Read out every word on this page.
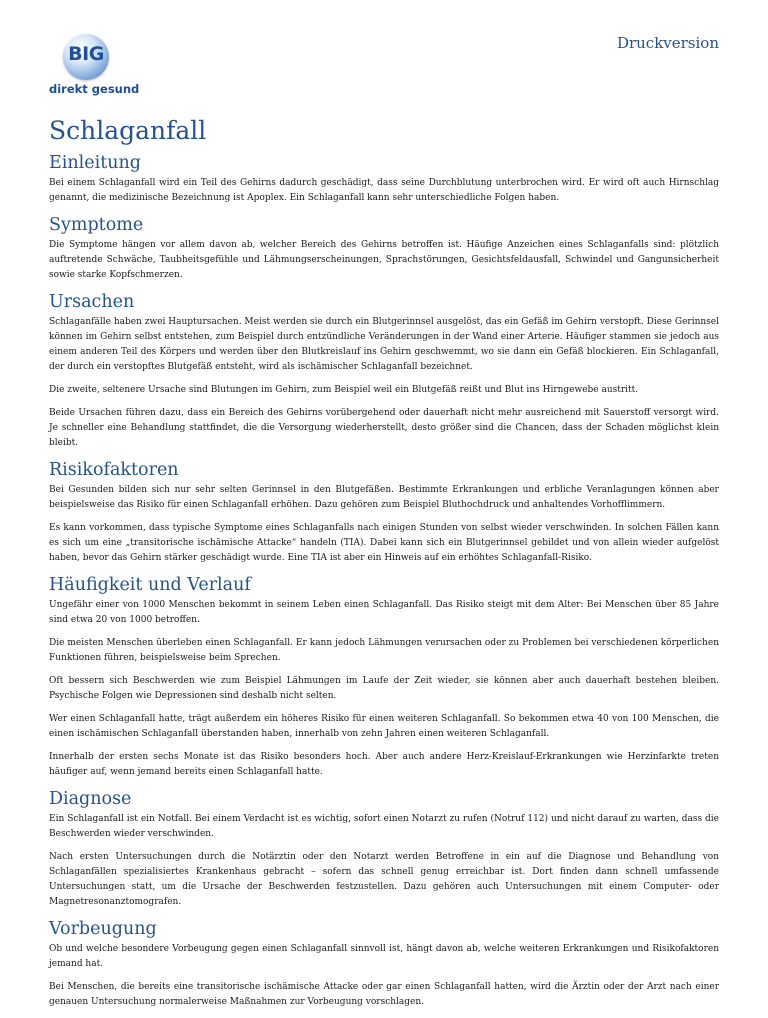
BIG
direkt gesund
Druckversion
Schlaganfall
Einleitung

Bei einem Schlaganfall wird ein Teil des Gehirns dadurch geschädigt, dass seine Durchblutung unterbrochen wird. Er wird oft auch Hirnschlag genannt, die medizinische Bezeichnung ist Apoplex. Ein Schlaganfall kann sehr unterschiedliche Folgen haben.

Symptome

Die Symptome hängen vor allem davon ab, welcher Bereich des Gehirns betroffen ist. Häufige Anzeichen eines Schlaganfalls sind: plötzlich auftretende Schwäche, Taubheitsgefühle und Lähmungserscheinungen, Sprachstörungen, Gesichtsfeldausfall, Schwindel und Gangunsicherheit sowie starke Kopfschmerzen.

Ursachen

Schlaganfälle haben zwei Hauptursachen. Meist werden sie durch ein Blutgerinnsel ausgelöst, das ein Gefäß im Gehirn verstopft. Diese Gerinnsel können im Gehirn selbst entstehen, zum Beispiel durch entzündliche Veränderungen in der Wand einer Arterie. Häufiger stammen sie jedoch aus einem anderen Teil des Körpers und werden über den Blutkreislauf ins Gehirn geschwemmt, wo sie dann ein Gefäß blockieren. Ein Schlaganfall, der durch ein verstopftes Blutgefäß entsteht, wird als ischämischer Schlaganfall bezeichnet.

Die zweite, seltenere Ursache sind Blutungen im Gehirn, zum Beispiel weil ein Blutgefäß reißt und Blut ins Hirngewebe austritt.

Beide Ursachen führen dazu, dass ein Bereich des Gehirns vorübergehend oder dauerhaft nicht mehr ausreichend mit Sauerstoff versorgt wird. Je schneller eine Behandlung stattfindet, die die Versorgung wiederherstellt, desto größer sind die Chancen, dass der Schaden möglichst klein bleibt.

Risikofaktoren

Bei Gesunden bilden sich nur sehr selten Gerinnsel in den Blutgefäßen. Bestimmte Erkrankungen und erbliche Veranlagungen können aber beispielsweise das Risiko für einen Schlaganfall erhöhen. Dazu gehören zum Beispiel Bluthochdruck und anhaltendes Vorhofflimmern.

Es kann vorkommen, dass typische Symptome eines Schlaganfalls nach einigen Stunden von selbst wieder verschwinden. In solchen Fällen kann es sich um eine „transitorische ischämische Attacke“ handeln (TIA). Dabei kann sich ein Blutgerinnsel gebildet und von allein wieder aufgelöst haben, bevor das Gehirn stärker geschädigt wurde. Eine TIA ist aber ein Hinweis auf ein erhöhtes Schlaganfall-Risiko.

Häufigkeit und Verlauf

Ungefähr einer von 1000 Menschen bekommt in seinem Leben einen Schlaganfall. Das Risiko steigt mit dem Alter: Bei Menschen über 85 Jahre sind etwa 20 von 1000 betroffen.

Die meisten Menschen überleben einen Schlaganfall. Er kann jedoch Lähmungen verursachen oder zu Problemen bei verschiedenen körperlichen Funktionen führen, beispielsweise beim Sprechen.

Oft bessern sich Beschwerden wie zum Beispiel Lähmungen im Laufe der Zeit wieder, sie können aber auch dauerhaft bestehen bleiben. Psychische Folgen wie Depressionen sind deshalb nicht selten.

Wer einen Schlaganfall hatte, trägt außerdem ein höheres Risiko für einen weiteren Schlaganfall. So bekommen etwa 40 von 100 Menschen, die einen ischämischen Schlaganfall überstanden haben, innerhalb von zehn Jahren einen weiteren Schlaganfall.

Innerhalb der ersten sechs Monate ist das Risiko besonders hoch. Aber auch andere Herz-Kreislauf-Erkrankungen wie Herzinfarkte treten häufiger auf, wenn jemand bereits einen Schlaganfall hatte.

Diagnose

Ein Schlaganfall ist ein Notfall. Bei einem Verdacht ist es wichtig, sofort einen Notarzt zu rufen (Notruf 112) und nicht darauf zu warten, dass die Beschwerden wieder verschwinden.

Nach ersten Untersuchungen durch die Notärztin oder den Notarzt werden Betroffene in ein auf die Diagnose und Behandlung von Schlaganfällen spezialisiertes Krankenhaus gebracht – sofern das schnell genug erreichbar ist. Dort finden dann schnell umfassende Untersuchungen statt, um die Ursache der Beschwerden festzustellen. Dazu gehören auch Untersuchungen mit einem Computer- oder Magnetresonanztomografen.

Vorbeugung

Ob und welche besondere Vorbeugung gegen einen Schlaganfall sinnvoll ist, hängt davon ab, welche weiteren Erkrankungen und Risikofaktoren jemand hat.

Bei Menschen, die bereits eine transitorische ischämische Attacke oder gar einen Schlaganfall hatten, wird die Ärztin oder der Arzt nach einer genauen Untersuchung normalerweise Maßnahmen zur Vorbeugung vorschlagen.
